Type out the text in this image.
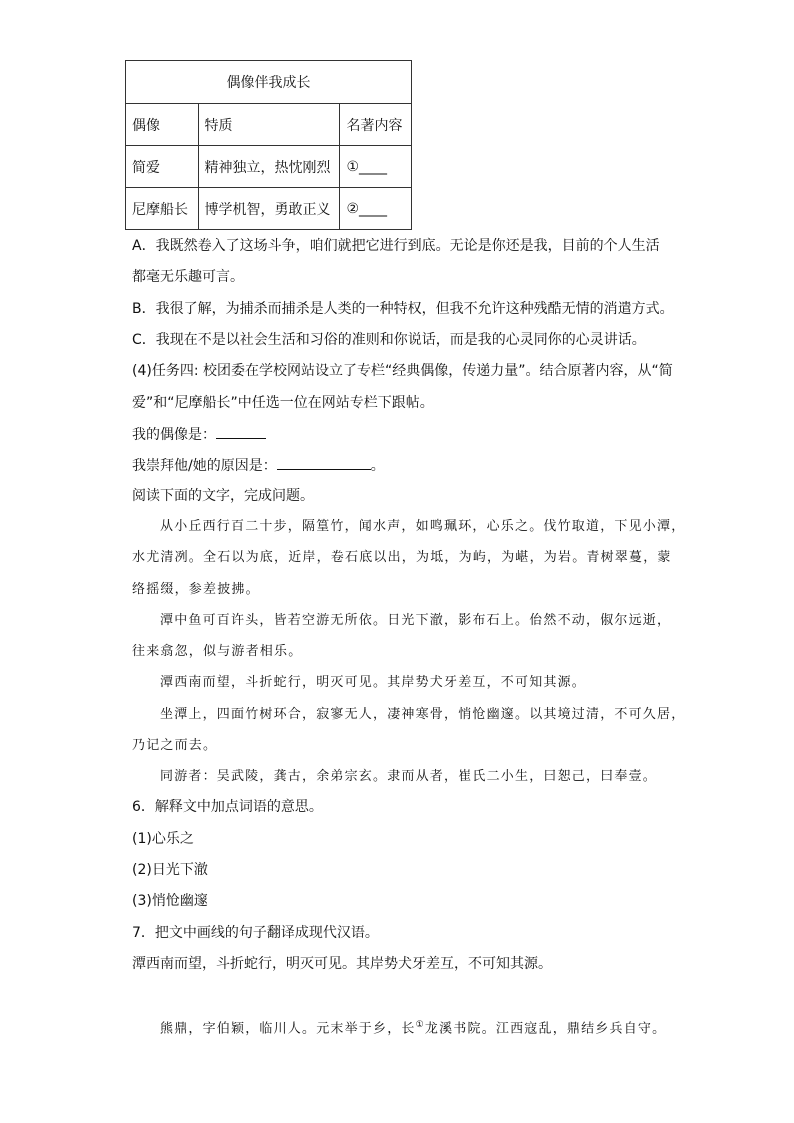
偶像伴我成长		
偶像	特质	名著内容
简爱	精神独立，热忱刚烈	①____
尼摩船长	博学机智，勇敢正义	②____
A．我既然卷入了这场斗争，咱们就把它进行到底。无论是你还是我，目前的个人生活
都毫无乐趣可言。
B．我很了解，为捕杀而捕杀是人类的一种特权，但我不允许这种残酷无情的消遣方式。
C．我现在不是以社会生活和习俗的准则和你说话，而是我的心灵同你的心灵讲话。
(4)任务四: 校团委在学校网站设立了专栏“经典偶像，传递力量”。结合原著内容，从“简
爱”和“尼摩船长”中任选一位在网站专栏下跟帖。
我的偶像是：
我崇拜他/她的原因是：	。
阅读下面的文字，完成问题。
从小丘西行百二十步，隔篁竹，闻水声，如鸣珮环，心乐之。伐竹取道，下见小潭，
水尤清冽。全石以为底，近岸，卷石底以出，为坻，为屿，为嵁，为岩。青树翠蔓，蒙
络摇缀，参差披拂。
潭中鱼可百许头，皆若空游无所依。日光下澈，影布石上。佁然不动，俶尔远逝，
往来翕忽，似与游者相乐。
潭西南而望，斗折蛇行，明灭可见。其岸势犬牙差互，不可知其源。
坐潭上，四面竹树环合，寂寥无人，凄神寒骨，悄怆幽邃。以其境过清，不可久居，
乃记之而去。
同游者：吴武陵，龚古，余弟宗玄。隶而从者，崔氏二小生，曰恕己，曰奉壹。
6．解释文中加点词语的意思。
(1)心乐之
(2)日光下澈
(3)悄怆幽邃
7．把文中画线的句子翻译成现代汉语。
潭西南而望，斗折蛇行，明灭可见。其岸势犬牙差互，不可知其源。
熊鼎，字伯颖，临川人。元末举于乡，长①龙溪书院。江西寇乱，鼎结乡兵自守。
